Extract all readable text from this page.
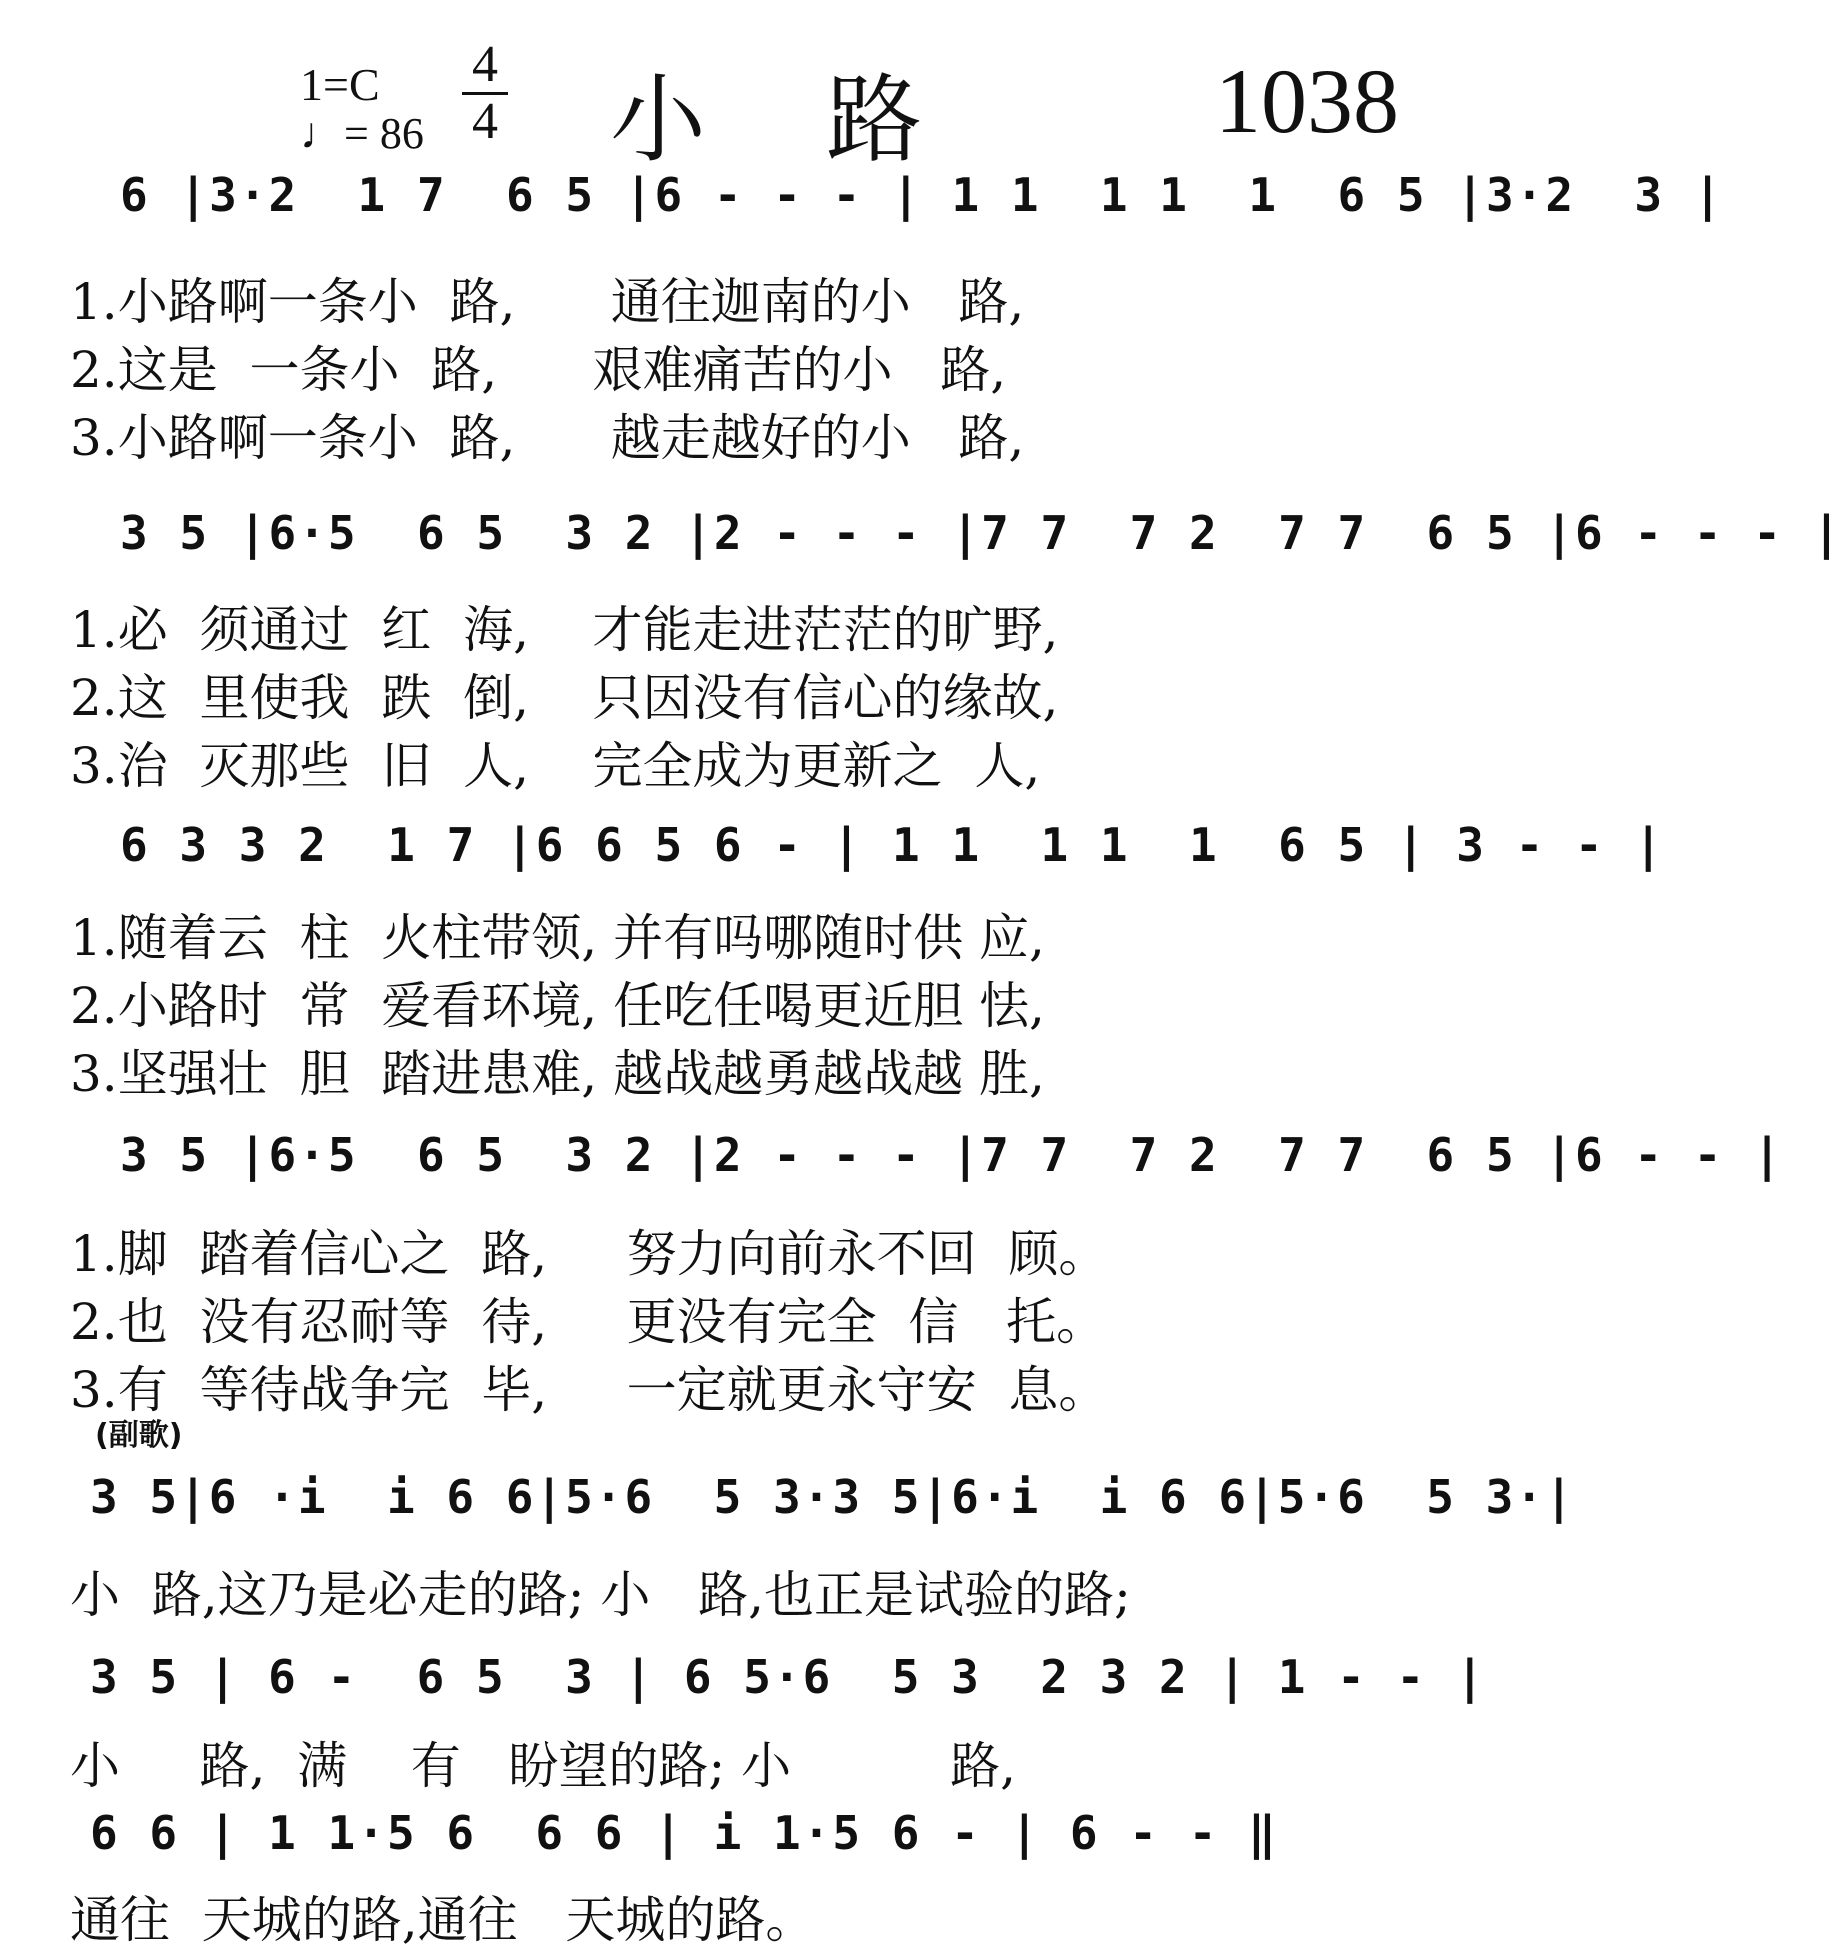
1=C
♩= 86
4
4 小路 1038
6 |3·2  1 7  6 5 |6 - - - | 1 1  1 1  1  6 5 |3·2  3 |
1.小路啊一条小  路,      通往迦南的小   路,
2.这是  一条小  路,      艰难痛苦的小   路,
3.小路啊一条小  路,      越走越好的小   路,
3 5 |6·5  6 5  3 2 |2 - - - |7 7  7 2  7 7  6 5 |6 - - - |
1.必  须通过  红  海,    才能走进茫茫的旷野,
2.这  里使我  跌  倒,    只因没有信心的缘故,
3.治  灭那些  旧  人,    完全成为更新之  人,
6 3 3 2  1 7 |6 6 5 6 - | 1 1  1 1  1  6 5 | 3 - - |
1.随着云  柱  火柱带领, 并有吗哪随时供 应,
2.小路时  常  爱看环境, 任吃任喝更近胆 怯,
3.坚强壮  胆  踏进患难, 越战越勇越战越 胜,
3 5 |6·5  6 5  3 2 |2 - - - |7 7  7 2  7 7  6 5 |6 - - |
1.脚  踏着信心之  路,     努力向前永不回  顾。
2.也  没有忍耐等  待,     更没有完全  信   托。
3.有  等待战争完  毕,     一定就更永守安  息。
(副歌)
3 5|6 ·i  i 6 6|5·6  5 3·3 5|6·i  i 6 6|5·6  5 3·|
小  路,这乃是必走的路; 小   路,也正是试验的路;
3 5 | 6 -  6 5  3 | 6 5·6  5 3  2 3 2 | 1 - - |
小     路,  满    有   盼望的路; 小          路,
6 6 | 1 1·5 6  6 6 | i 1·5 6 - | 6 - - ‖
通往  天城的路,通往   天城的路。
